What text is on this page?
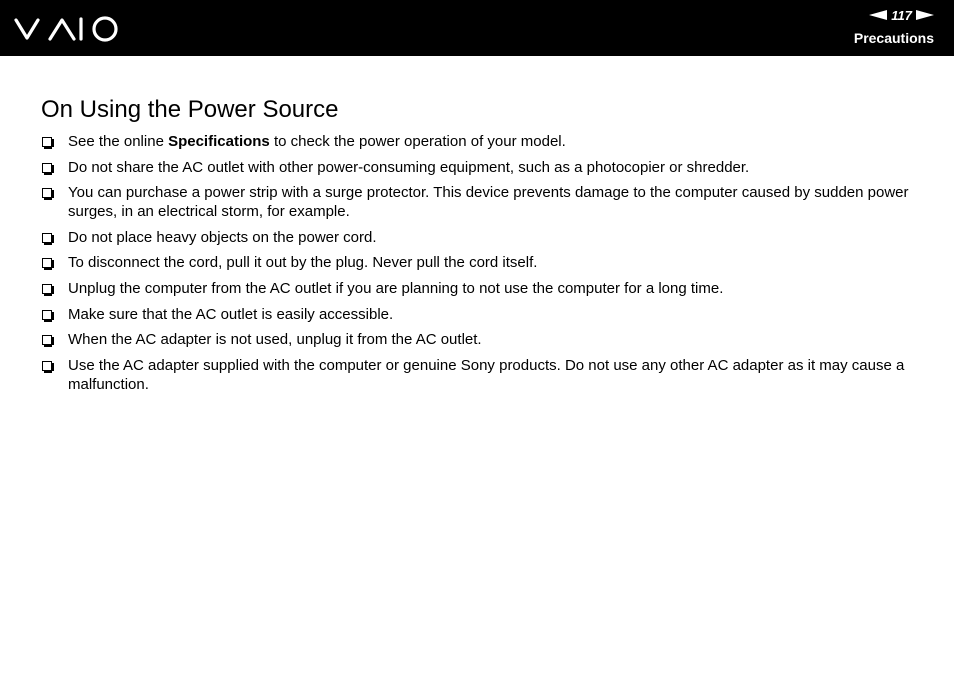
117
Precautions
On Using the Power Source
See the online Specifications to check the power operation of your model.
Do not share the AC outlet with other power-consuming equipment, such as a photocopier or shredder.
You can purchase a power strip with a surge protector. This device prevents damage to the computer caused by sudden power surges, in an electrical storm, for example.
Do not place heavy objects on the power cord.
To disconnect the cord, pull it out by the plug. Never pull the cord itself.
Unplug the computer from the AC outlet if you are planning to not use the computer for a long time.
Make sure that the AC outlet is easily accessible.
When the AC adapter is not used, unplug it from the AC outlet.
Use the AC adapter supplied with the computer or genuine Sony products. Do not use any other AC adapter as it may cause a malfunction.
